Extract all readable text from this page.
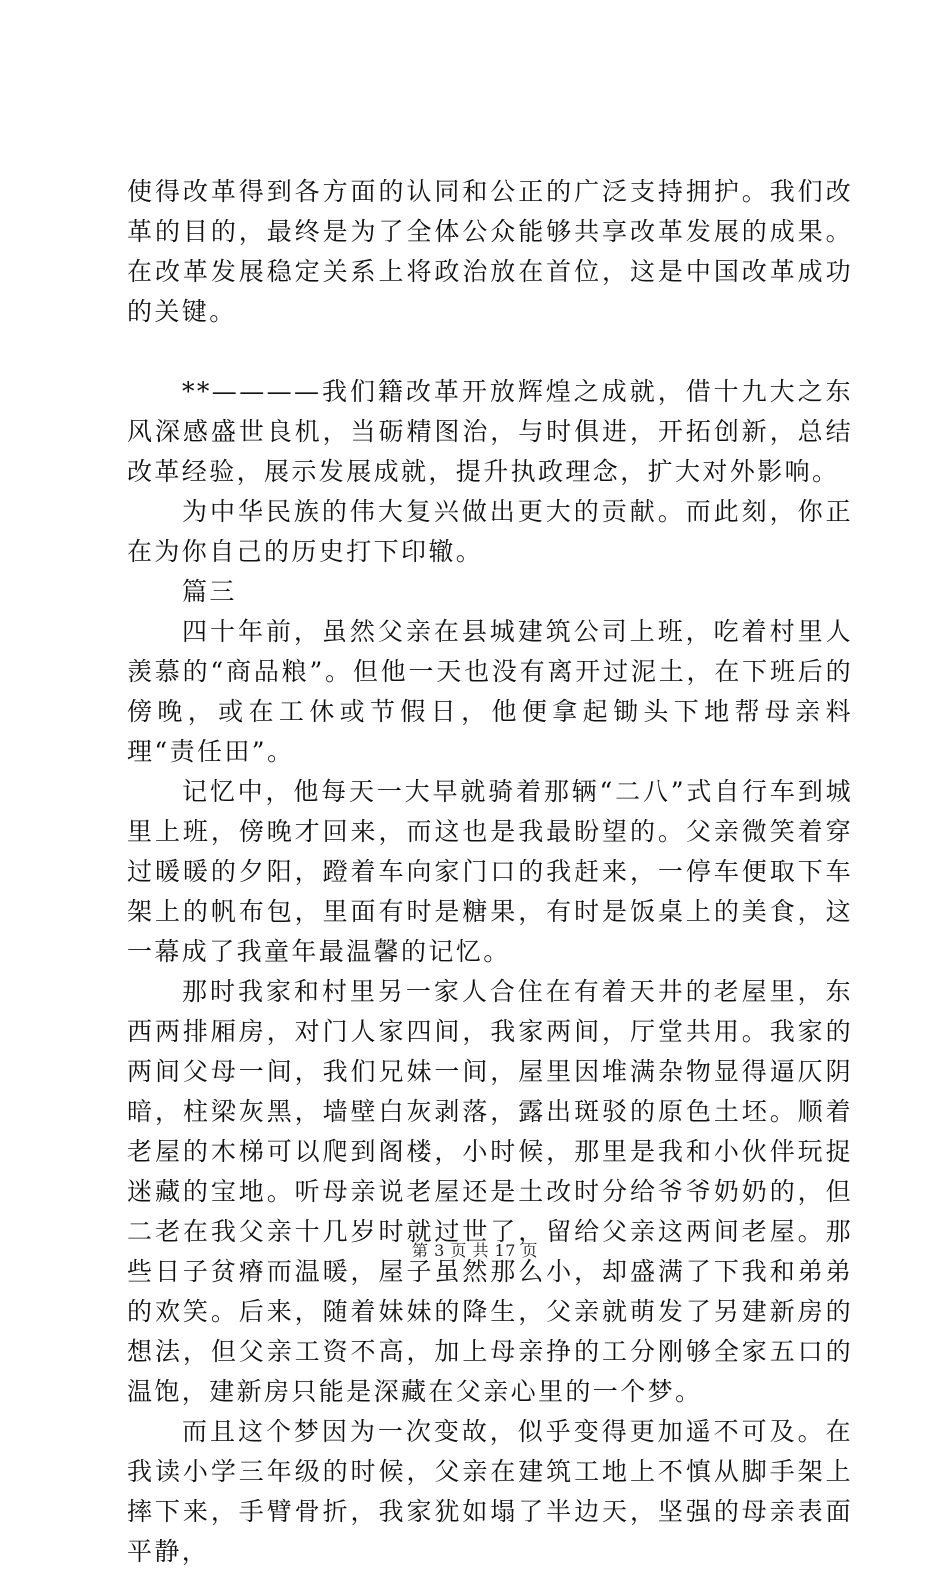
使得改革得到各方面的认同和公正的广泛支持拥护。我们改革的目的，最终是为了全体公众能够共享改革发展的成果。在改革发展稳定关系上将政治放在首位，这是中国改革成功的关键。

**————我们籍改革开放辉煌之成就，借十九大之东风深感盛世良机，当砺精图治，与时俱进，开拓创新，总结改革经验，展示发展成就，提升执政理念，扩大对外影响。

为中华民族的伟大复兴做出更大的贡献。而此刻，你正在为你自己的历史打下印辙。

篇三

四十年前，虽然父亲在县城建筑公司上班，吃着村里人羡慕的“商品粮”。但他一天也没有离开过泥土，在下班后的傍晚，或在工休或节假日，他便拿起锄头下地帮母亲料理“责任田”。

记忆中，他每天一大早就骑着那辆“二八”式自行车到城里上班，傍晚才回来，而这也是我最盼望的。父亲微笑着穿过暖暖的夕阳，蹬着车向家门口的我赶来，一停车便取下车架上的帆布包，里面有时是糖果，有时是饭桌上的美食，这一幕成了我童年最温馨的记忆。

那时我家和村里另一家人合住在有着天井的老屋里，东西两排厢房，对门人家四间，我家两间，厅堂共用。我家的两间父母一间，我们兄妹一间，屋里因堆满杂物显得逼仄阴暗，柱梁灰黑，墙壁白灰剥落，露出斑驳的原色土坯。顺着老屋的木梯可以爬到阁楼，小时候，那里是我和小伙伴玩捉迷藏的宝地。听母亲说老屋还是土改时分给爷爷奶奶的，但二老在我父亲十几岁时就过世了，留给父亲这两间老屋。那些日子贫瘠而温暖，屋子虽然那么小，却盛满了下我和弟弟的欢笑。后来，随着妹妹的降生，父亲就萌发了另建新房的想法，但父亲工资不高，加上母亲挣的工分刚够全家五口的温饱，建新房只能是深藏在父亲心里的一个梦。

而且这个梦因为一次变故，似乎变得更加遥不可及。在我读小学三年级的时候，父亲在建筑工地上不慎从脚手架上摔下来，手臂骨折，我家犹如塌了半边天，坚强的母亲表面平静，

第 3 页 共 17 页
